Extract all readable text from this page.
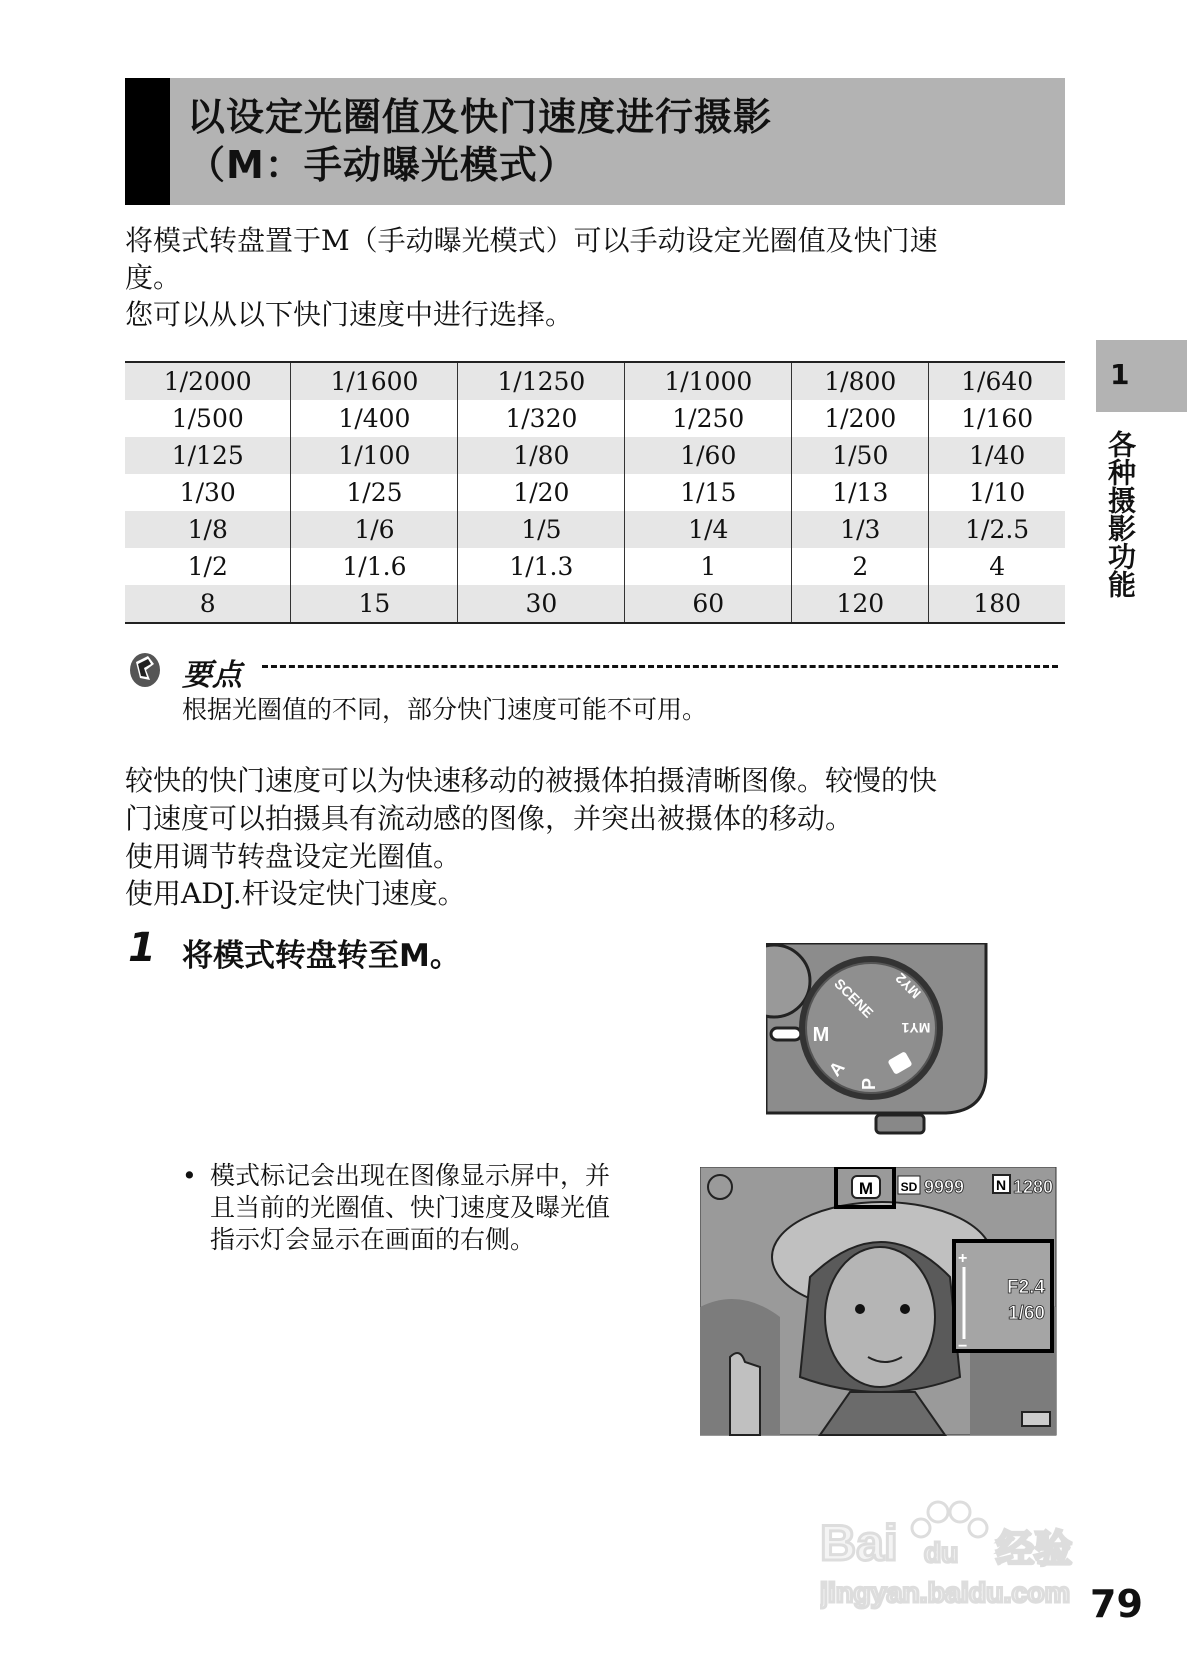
以设定光圈值及快门速度进行摄影
（M：手动曝光模式）
将模式转盘置于M（手动曝光模式）可以手动设定光圈值及快门速
度。
您可以从以下快门速度中进行选择。
1/2000	1/1600	1/1250	1/1000	1/800	1/640
1/500	1/400	1/320	1/250	1/200	1/160
1/125	1/100	1/80	1/60	1/50	1/40
1/30	1/25	1/20	1/15	1/13	1/10
1/8	1/6	1/5	1/4	1/3	1/2.5
1/2	1/1.6	1/1.3	1	2	4
8	15	30	60	120	180
1
各种摄影功能
要点
根据光圈值的不同，部分快门速度可能不可用。
较快的快门速度可以为快速移动的被摄体拍摄清晰图像。较慢的快
门速度可以拍摄具有流动感的图像，并突出被摄体的移动。
使用调节转盘设定光圈值。
使用ADJ.杆设定快门速度。
1 将模式转盘转至M。
SCENE MY2
M	MY1
A
P
• 模式标记会出现在图像显示屏中，并
且当前的光圈值、快门速度及曝光值
指示灯会显示在画面的右侧。
M SD 9999 N 1280
+
−
F2.4
1/60
Bai du 经验
jingyan.baidu.com 79
